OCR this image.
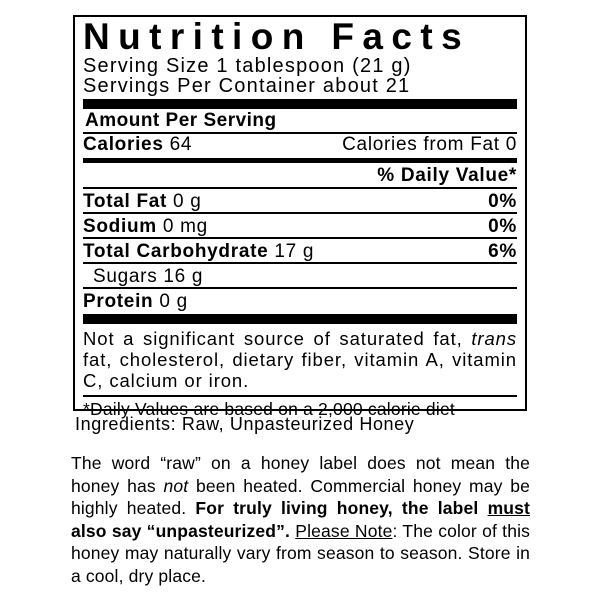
Nutrition Facts
Serving Size 1 tablespoon (21 g)
Servings Per Container about 21
Amount Per Serving
Calories 64	Calories from Fat 0
% Daily Value*
Total Fat 0 g	0%
Sodium 0 mg	0%
Total Carbohydrate 17 g	6%
Sugars 16 g
Protein 0 g
Not a significant source of saturated fat, trans fat, cholesterol, dietary fiber, vitamin A, vitamin C, calcium or iron.
*Daily Values are based on a 2,000 calorie diet
Ingredients: Raw, Unpasteurized Honey
The word “raw” on a honey label does not mean the honey has not been heated. Commercial honey may be highly heated. For truly living honey, the label must also say “unpasteurized”. Please Note: The color of this honey may naturally vary from season to season. Store in a cool, dry place.
